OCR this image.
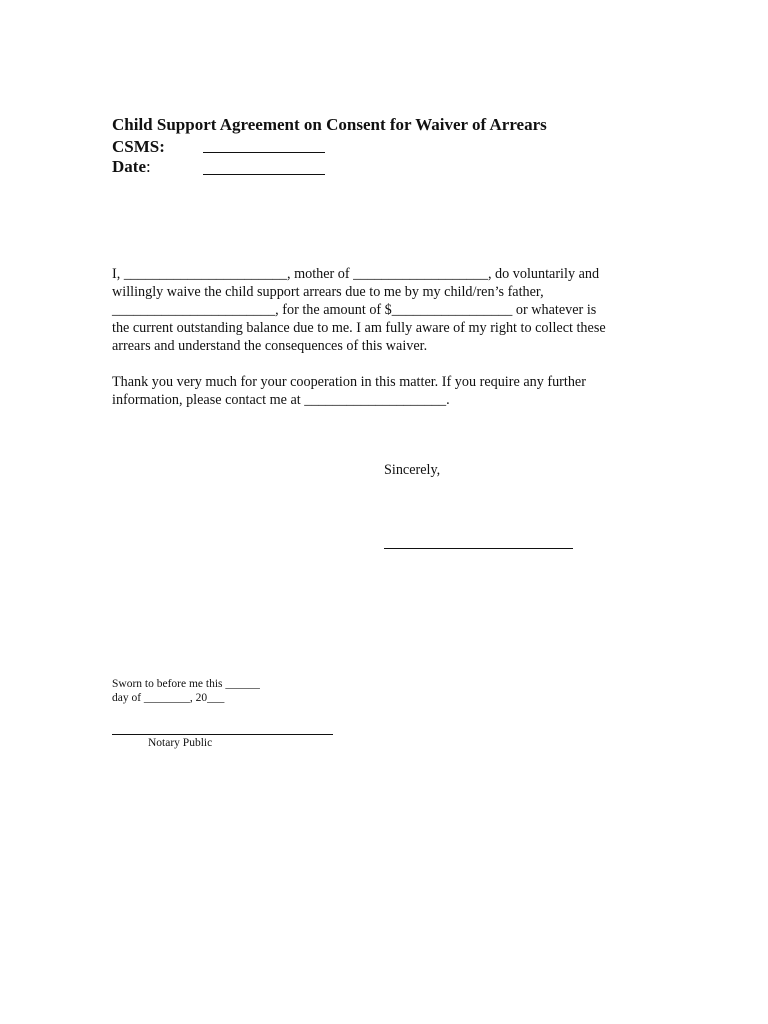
Child Support Agreement on Consent for Waiver of Arrears
CSMS:
Date:
I, _______________________, mother of ___________________, do voluntarily and
willingly waive the child support arrears due to me by my child/ren’s father,
_______________________, for the amount of $_________________ or whatever is
the current outstanding balance due to me. I am fully aware of my right to collect these
arrears and understand the consequences of this waiver.
Thank you very much for your cooperation in this matter. If you require any further
information, please contact me at ____________________.
Sincerely,
Sworn to before me this ______
day of ________, 20___
Notary Public
